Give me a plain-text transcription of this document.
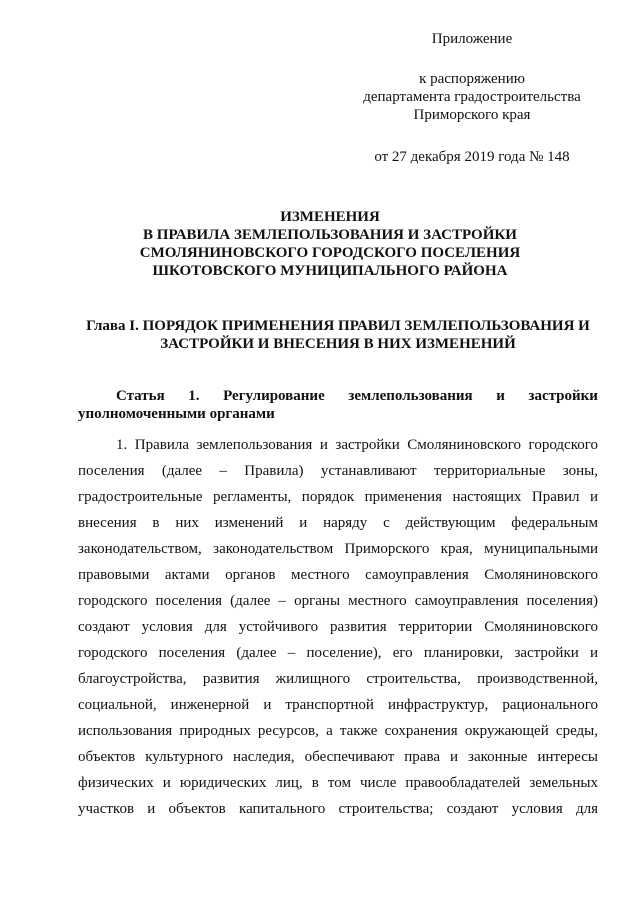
Приложение
к распоряжению
департамента градостроительства
Приморского края
от 27 декабря 2019 года № 148
ИЗМЕНЕНИЯ
В ПРАВИЛА ЗЕМЛЕПОЛЬЗОВАНИЯ И ЗАСТРОЙКИ
СМОЛЯНИНОВСКОГО ГОРОДСКОГО ПОСЕЛЕНИЯ
ШКОТОВСКОГО МУНИЦИПАЛЬНОГО РАЙОНА
Глава I. ПОРЯДОК ПРИМЕНЕНИЯ ПРАВИЛ ЗЕМЛЕПОЛЬЗОВАНИЯ И ЗАСТРОЙКИ И ВНЕСЕНИЯ В НИХ ИЗМЕНЕНИЙ
Статья 1. Регулирование землепользования и застройки
уполномоченными органами
1. Правила землепользования и застройки Смоляниновского городского
поселения (далее – Правила) устанавливают территориальные зоны,
градостроительные регламенты, порядок применения настоящих Правил и
внесения в них изменений и наряду с действующим федеральным
законодательством, законодательством Приморского края, муниципальными
правовыми актами органов местного самоуправления Смоляниновского
городского поселения (далее – органы местного самоуправления поселения)
создают условия для устойчивого развития территории Смоляниновского
городского поселения (далее – поселение), его планировки, застройки и
благоустройства, развития жилищного строительства, производственной,
социальной, инженерной и транспортной инфраструктур, рационального
использования природных ресурсов, а также сохранения окружающей среды,
объектов культурного наследия, обеспечивают права и законные интересы
физических и юридических лиц, в том числе правообладателей земельных
участков и объектов капитального строительства; создают условия для
